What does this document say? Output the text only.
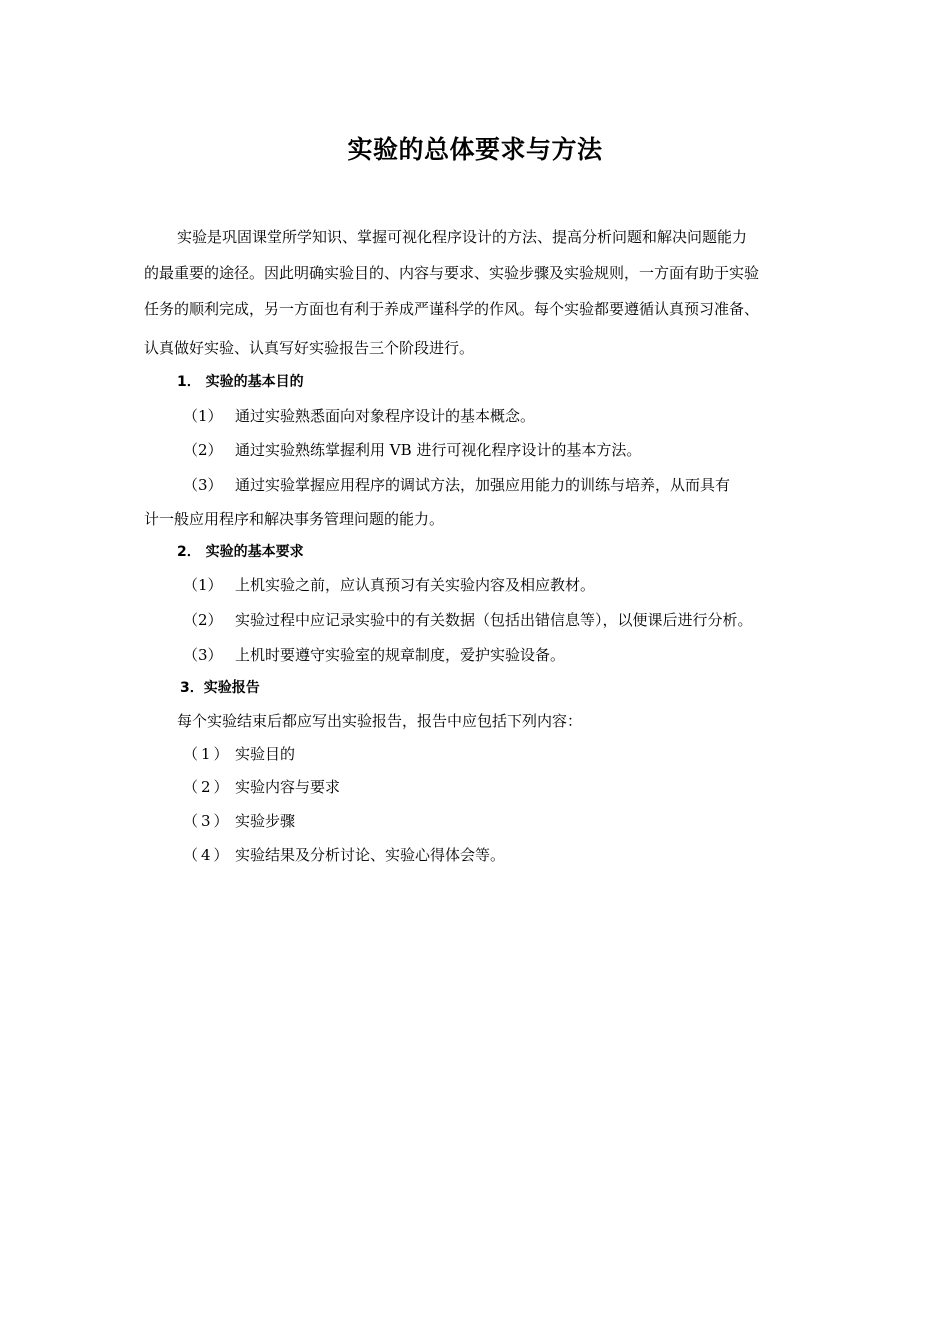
实验的总体要求与方法
实验是巩固课堂所学知识、掌握可视化程序设计的方法、提高分析问题和解决问题能力
的最重要的途径。因此明确实验目的、内容与要求、实验步骤及实验规则，一方面有助于实验
任务的顺利完成，另一方面也有利于养成严谨科学的作风。每个实验都要遵循认真预习准备、
认真做好实验、认真写好实验报告三个阶段进行。
1． 实验的基本目的
（1） 通过实验熟悉面向对象程序设计的基本概念。
（2） 通过实验熟练掌握利用 VB 进行可视化程序设计的基本方法。
（3） 通过实验掌握应用程序的调试方法，加强应用能力的训练与培养，从而具有
计一般应用程序和解决事务管理问题的能力。
2． 实验的基本要求
（1） 上机实验之前，应认真预习有关实验内容及相应教材。
（2） 实验过程中应记录实验中的有关数据（包括出错信息等），以便课后进行分析。
（3） 上机时要遵守实验室的规章制度，爱护实验设备。
3．实验报告
每个实验结束后都应写出实验报告，报告中应包括下列内容：
（1） 实验目的
（2） 实验内容与要求
（3） 实验步骤
（4） 实验结果及分析讨论、实验心得体会等。
